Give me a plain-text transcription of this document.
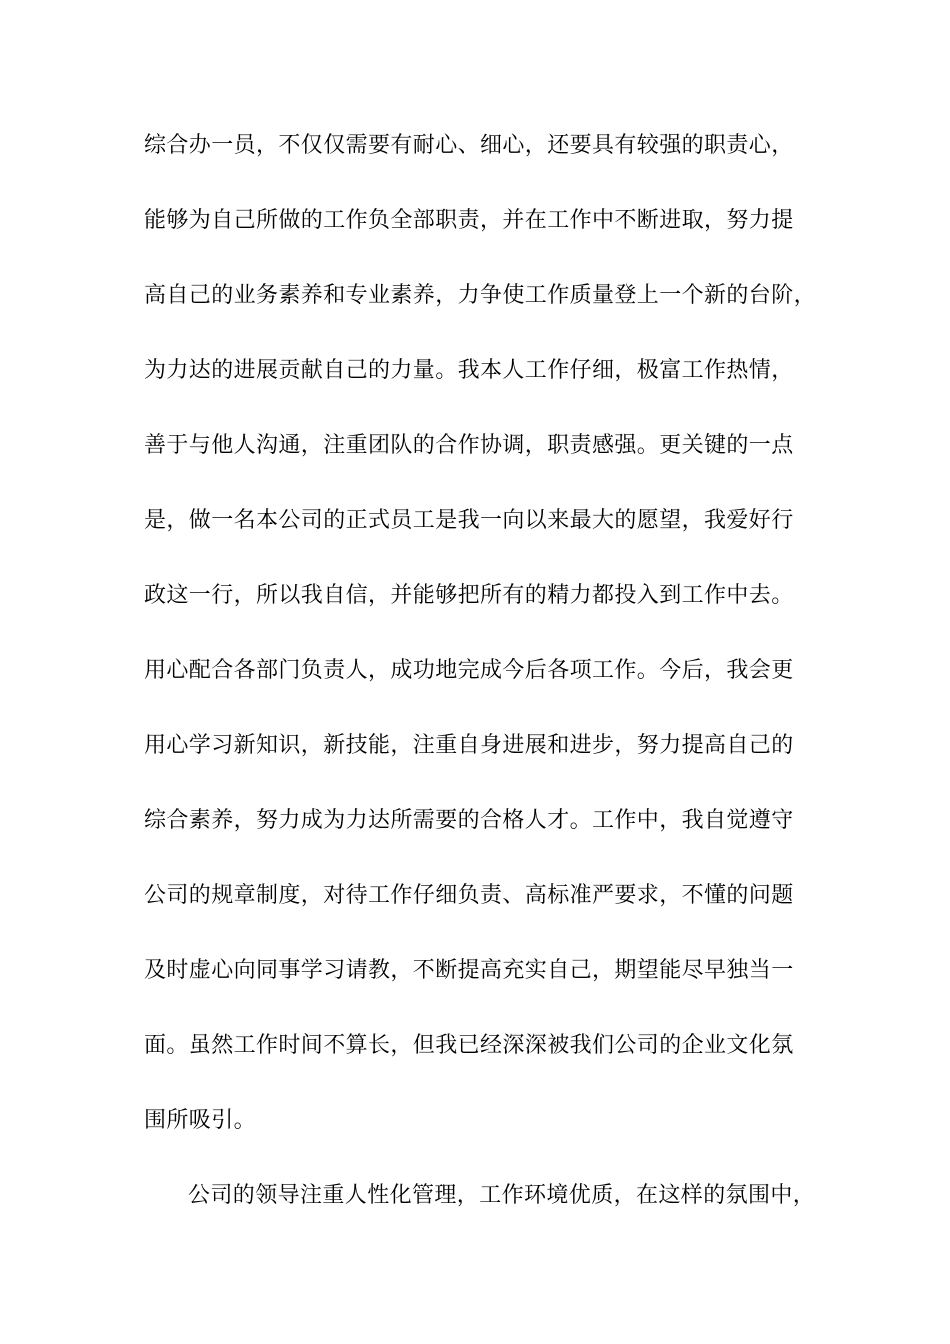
综合办一员，不仅仅需要有耐心、细心，还要具有较强的职责心，
能够为自己所做的工作负全部职责，并在工作中不断进取，努力提
高自己的业务素养和专业素养，力争使工作质量登上一个新的台阶，
为力达的进展贡献自己的力量。我本人工作仔细，极富工作热情，
善于与他人沟通，注重团队的合作协调，职责感强。更关键的一点
是，做一名本公司的正式员工是我一向以来最大的愿望，我爱好行
政这一行，所以我自信，并能够把所有的精力都投入到工作中去。
用心配合各部门负责人，成功地完成今后各项工作。今后，我会更
用心学习新知识，新技能，注重自身进展和进步，努力提高自己的
综合素养，努力成为力达所需要的合格人才。工作中，我自觉遵守
公司的规章制度，对待工作仔细负责、高标准严要求，不懂的问题
及时虚心向同事学习请教，不断提高充实自己，期望能尽早独当一
面。虽然工作时间不算长，但我已经深深被我们公司的企业文化氛
围所吸引。
公司的领导注重人性化管理，工作环境优质，在这样的氛围中，
